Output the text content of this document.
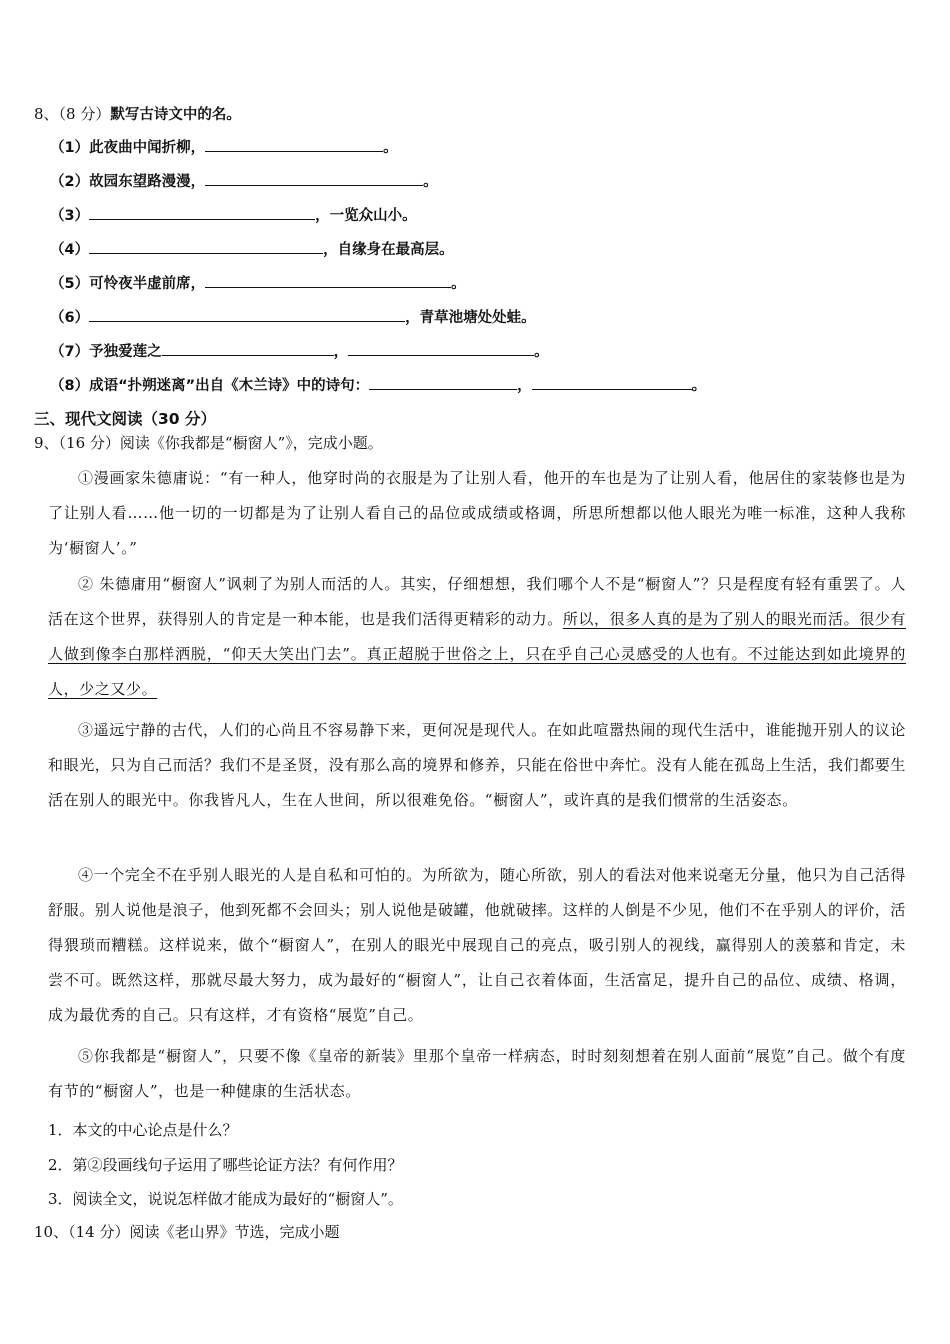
8、（8 分）默写古诗文中的名。
（1）此夜曲中闻折柳，	。
（2）故园东望路漫漫，	。
（3）	，一览众山小。
（4）	，自缘身在最高层。
（5）可怜夜半虚前席，	。
（6）	，青草池塘处处蛙。
（7）予独爱莲之	，	。
（8）成语“扑朔迷离”出自《木兰诗》中的诗句：	，	。
三、现代文阅读（30 分）
9、（16 分）阅读《你我都是“橱窗人”》，完成小题。
①漫画家朱德庸说：“有一种人，他穿时尚的衣服是为了让别人看，他开的车也是为了让别人看，他居住的家装修也是为了让别人看……他一切的一切都是为了让别人看自己的品位或成绩或格调，所思所想都以他人眼光为唯一标准，这种人我称为‘橱窗人’。”
② 朱德庸用“橱窗人”讽刺了为别人而活的人。其实，仔细想想，我们哪个人不是“橱窗人”？只是程度有轻有重罢了。人活在这个世界，获得别人的肯定是一种本能，也是我们活得更精彩的动力。所以，很多人真的是为了别人的眼光而活。很少有人做到像李白那样洒脱，“仰天大笑出门去”。真正超脱于世俗之上，只在乎自己心灵感受的人也有。不过能达到如此境界的人，少之又少。
③遥远宁静的古代，人们的心尚且不容易静下来，更何况是现代人。在如此喧嚣热闹的现代生活中，谁能抛开别人的议论和眼光，只为自己而活？我们不是圣贤，没有那么高的境界和修养，只能在俗世中奔忙。没有人能在孤岛上生活，我们都要生活在别人的眼光中。你我皆凡人，生在人世间，所以很难免俗。“橱窗人”，或许真的是我们惯常的生活姿态。
④一个完全不在乎别人眼光的人是自私和可怕的。为所欲为，随心所欲，别人的看法对他来说毫无分量，他只为自己活得舒服。别人说他是浪子，他到死都不会回头；别人说他是破罐，他就破摔。这样的人倒是不少见，他们不在乎别人的评价，活得猥琐而糟糕。这样说来，做个“橱窗人”，在别人的眼光中展现自己的亮点，吸引别人的视线，赢得别人的羡慕和肯定，未尝不可。既然这样，那就尽最大努力，成为最好的“橱窗人”，让自己衣着体面，生活富足，提升自己的品位、成绩、格调，成为最优秀的自己。只有这样，才有资格“展览”自己。
⑤你我都是“橱窗人”，只要不像《皇帝的新装》里那个皇帝一样病态，时时刻刻想着在别人面前“展览”自己。做个有度有节的“橱窗人”，也是一种健康的生活状态。
1．本文的中心论点是什么？
2．第②段画线句子运用了哪些论证方法？有何作用？
3．阅读全文，说说怎样做才能成为最好的“橱窗人”。
10、（14 分）阅读《老山界》节选，完成小题
